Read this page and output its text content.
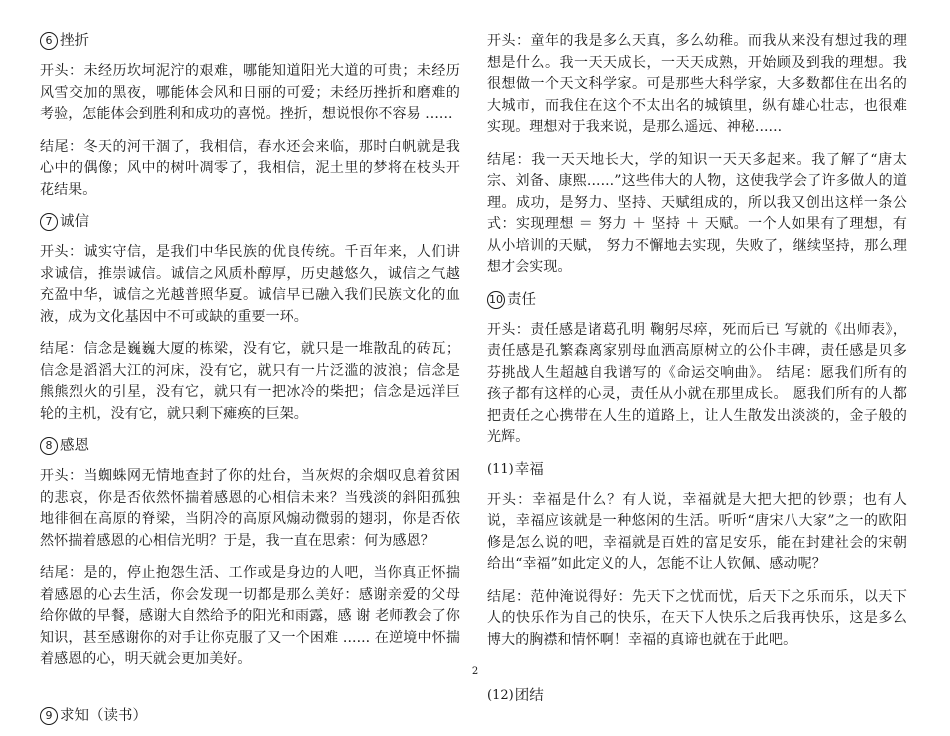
6 挫折

开头：未经历坎坷泥泞的艰难，哪能知道阳光大道的可贵；未经历风雪交加的黑夜，哪能体会风和日丽的可爱；未经历挫折和磨难的考验，怎能体会到胜利和成功的喜悦。挫折，想说恨你不容易 ......

结尾：冬天的河干涸了，我相信，春水还会来临，那时白帆就是我心中的偶像；风中的树叶凋零了，我相信，泥土里的梦将在枝头开花结果。

7 诚信

开头：诚实守信，是我们中华民族的优良传统。千百年来，人们讲求诚信，推崇诚信。诚信之风质朴醇厚，历史越悠久，诚信之气越充盈中华，诚信之光越普照华夏。诚信早已融入我们民族文化的血液，成为文化基因中不可或缺的重要一环。

结尾：信念是巍巍大厦的栋梁，没有它，就只是一堆散乱的砖瓦；信念是滔滔大江的河床，没有它，就只有一片泛滥的波浪；信念是熊熊烈火的引星，没有它，就只有一把冰冷的柴把；信念是远洋巨轮的主机，没有它，就只剩下瘫痪的巨架。

8 感恩

开头：当蜘蛛网无情地查封了你的灶台，当灰烬的余烟叹息着贫困的悲哀，你是否依然怀揣着感恩的心相信未来？当残淡的斜阳孤独地徘徊在高原的脊梁，当阴冷的高原风煽动微弱的翅羽，你是否依然怀揣着感恩的心相信光明？于是，我一直在思索：何为感恩？

结尾：是的，停止抱怨生活、工作或是身边的人吧，当你真正怀揣着感恩的心去生活，你会发现一切都是那么美好：感谢亲爱的父母给你做的早餐，感谢大自然给予的阳光和雨露，感 谢 老师教会了你知识，甚至感谢你的对手让你克服了又一个困难 ...... 在逆境中怀揣着感恩的心，明天就会更加美好。

9 求知（读书）

开头：童年的我是多么天真，多么幼稚。而我从来没有想过我的理想是什么。我一天天成长，一天天成熟，开始顾及到我的理想。我很想做一个天文科学家。可是那些大科学家，大多数都住在出名的大城市，而我住在这个不太出名的城镇里，纵有雄心壮志，也很难实现。理想对于我来说，是那么遥远、神秘......

结尾：我一天天地长大，学的知识一天天多起来。我了解了“唐太宗、刘备、康熙......”这些伟大的人物，这使我学会了许多做人的道理。成功，是努力、坚持、天赋组成的，所以我又创出这样一条公式：实现理想 ＝ 努力 ＋ 坚持 ＋ 天赋。一个人如果有了理想，有从小培训的天赋， 努力不懈地去实现，失败了，继续坚持，那么理想才会实现。

10 责任

开头：责任感是诸葛孔明 鞠躬尽瘁，死而后已 写就的《出师表》，责任感是孔繁森离家别母血洒高原树立的公仆丰碑，责任感是贝多芬挑战人生超越自我谱写的《命运交响曲》。 结尾：愿我们所有的孩子都有这样的心灵，责任从小就在那里成长。 愿我们所有的人都把责任之心携带在人生的道路上，让人生散发出淡淡的，金子般的光辉。

(11) 幸福

开头：幸福是什么？有人说，幸福就是大把大把的钞票；也有人说，幸福应该就是一种悠闲的生活。听听“唐宋八大家”之一的欧阳修是怎么说的吧，幸福就是百姓的富足安乐，能在封建社会的宋朝给出“幸福”如此定义的人，怎能不让人钦佩、感动呢？

结尾：范仲淹说得好：先天下之忧而忧，后天下之乐而乐，以天下人的快乐作为自己的快乐，在天下人快乐之后我再快乐，这是多么博大的胸襟和情怀啊！幸福的真谛也就在于此吧。

(12) 团结
2
